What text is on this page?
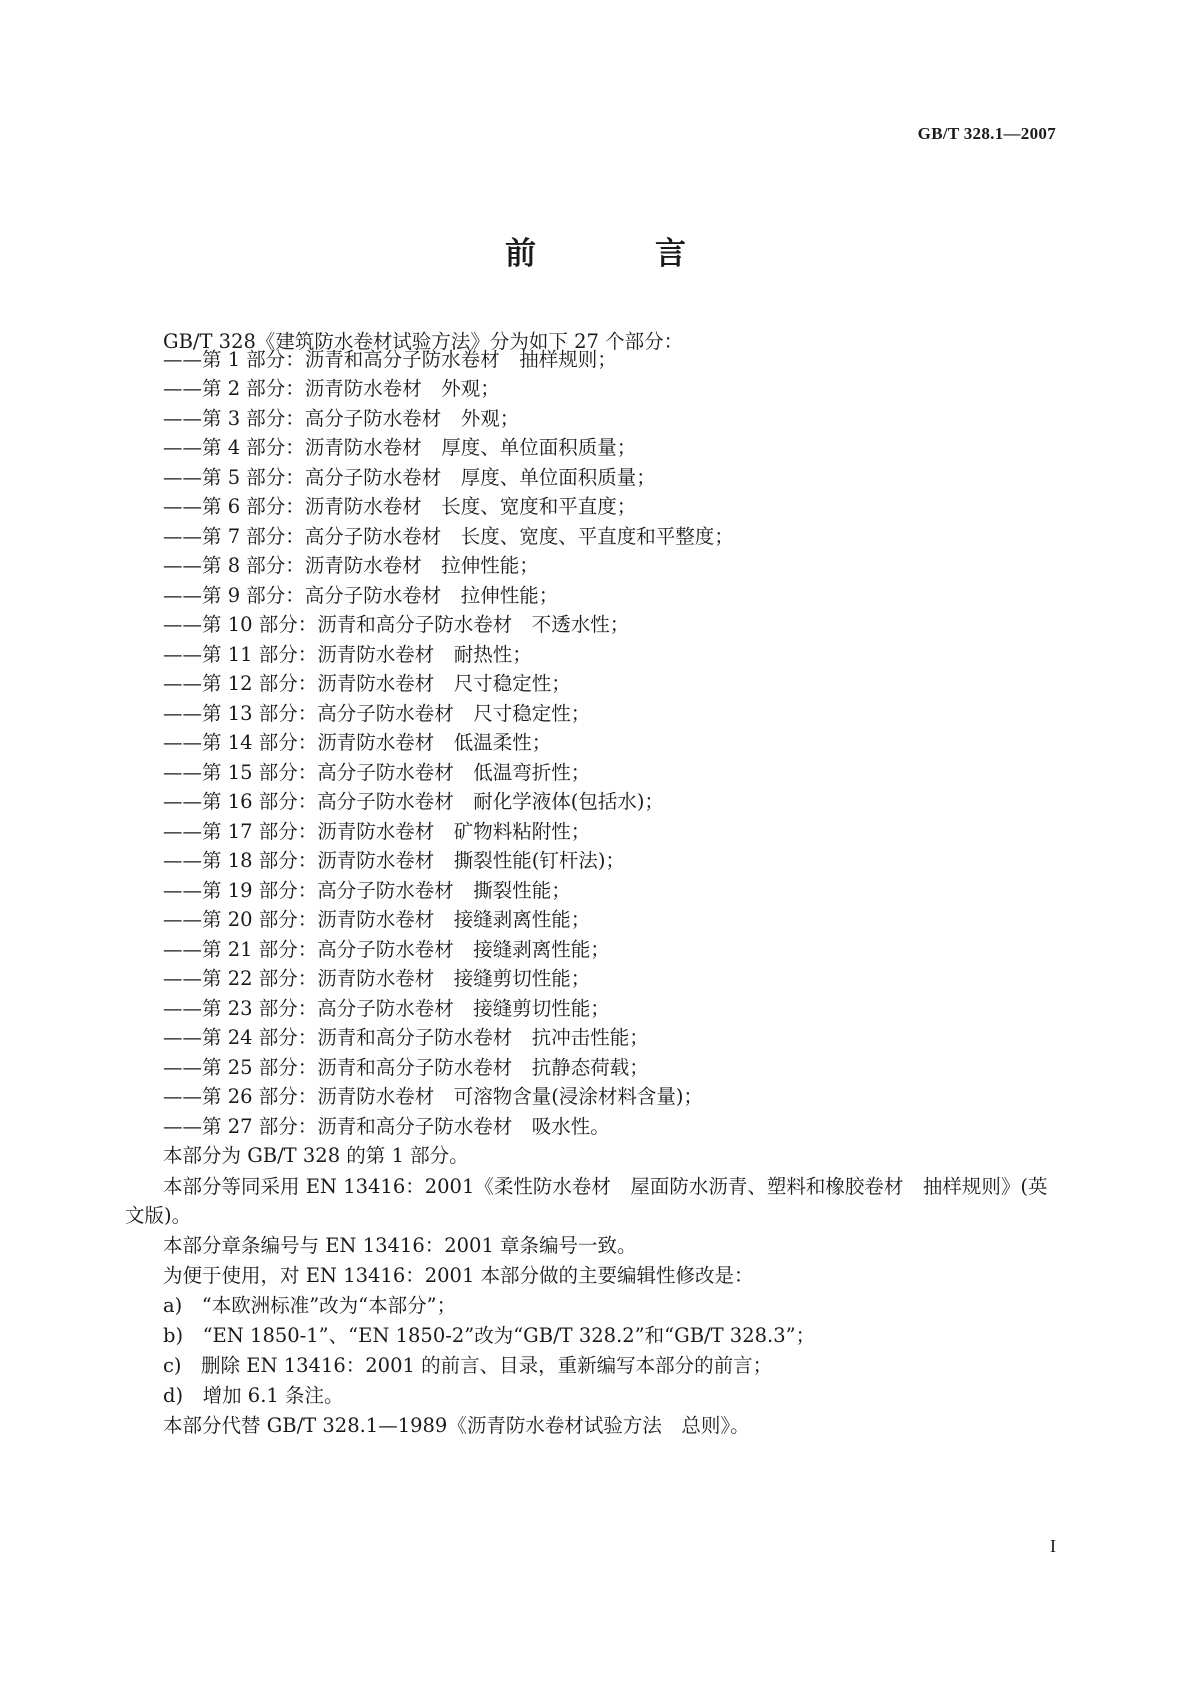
GB/T 328.1—2007
前　言
GB/T 328《建筑防水卷材试验方法》分为如下 27 个部分：
——第 1 部分：沥青和高分子防水卷材　抽样规则；
——第 2 部分：沥青防水卷材　外观；
——第 3 部分：高分子防水卷材　外观；
——第 4 部分：沥青防水卷材　厚度、单位面积质量；
——第 5 部分：高分子防水卷材　厚度、单位面积质量；
——第 6 部分：沥青防水卷材　长度、宽度和平直度；
——第 7 部分：高分子防水卷材　长度、宽度、平直度和平整度；
——第 8 部分：沥青防水卷材　拉伸性能；
——第 9 部分：高分子防水卷材　拉伸性能；
——第 10 部分：沥青和高分子防水卷材　不透水性；
——第 11 部分：沥青防水卷材　耐热性；
——第 12 部分：沥青防水卷材　尺寸稳定性；
——第 13 部分：高分子防水卷材　尺寸稳定性；
——第 14 部分：沥青防水卷材　低温柔性；
——第 15 部分：高分子防水卷材　低温弯折性；
——第 16 部分：高分子防水卷材　耐化学液体(包括水)；
——第 17 部分：沥青防水卷材　矿物料粘附性；
——第 18 部分：沥青防水卷材　撕裂性能(钉杆法)；
——第 19 部分：高分子防水卷材　撕裂性能；
——第 20 部分：沥青防水卷材　接缝剥离性能；
——第 21 部分：高分子防水卷材　接缝剥离性能；
——第 22 部分：沥青防水卷材　接缝剪切性能；
——第 23 部分：高分子防水卷材　接缝剪切性能；
——第 24 部分：沥青和高分子防水卷材　抗冲击性能；
——第 25 部分：沥青和高分子防水卷材　抗静态荷载；
——第 26 部分：沥青防水卷材　可溶物含量(浸涂材料含量)；
——第 27 部分：沥青和高分子防水卷材　吸水性。
本部分为 GB/T 328 的第 1 部分。
本部分等同采用 EN 13416：2001《柔性防水卷材　屋面防水沥青、塑料和橡胶卷材　抽样规则》(英
文版)。
本部分章条编号与 EN 13416：2001 章条编号一致。
为便于使用，对 EN 13416：2001 本部分做的主要编辑性修改是：
a)　“本欧洲标准”改为“本部分”；
b)　“EN 1850-1”、“EN 1850-2”改为“GB/T 328.2”和“GB/T 328.3”；
c)　删除 EN 13416：2001 的前言、目录，重新编写本部分的前言；
d)　增加 6.1 条注。
本部分代替 GB/T 328.1—1989《沥青防水卷材试验方法　总则》。
I
